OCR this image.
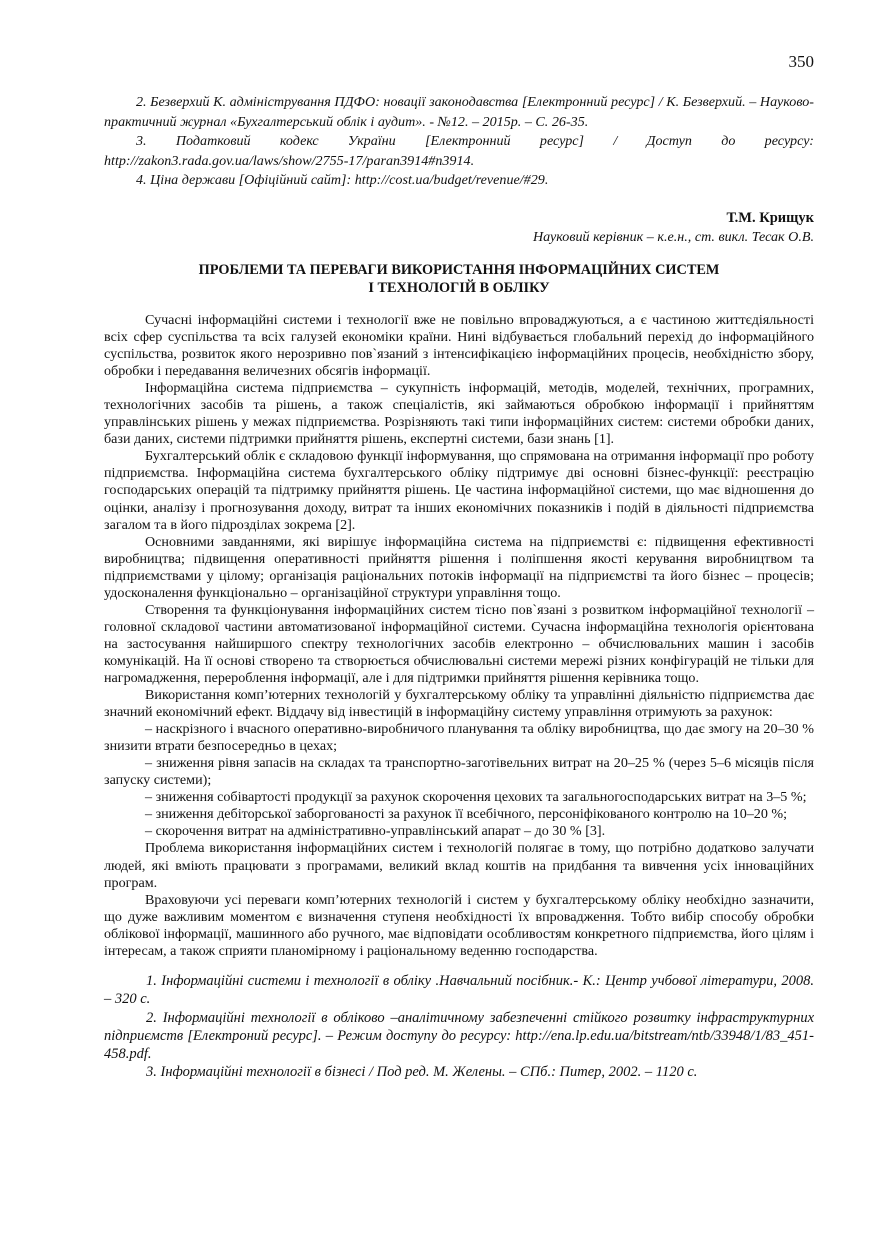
350

2. Безверхий К. адміністрування ПДФО: новації законодавства [Електронний ресурс] / К. Безверхий. – Науково-практичний журнал «Бухгалтерський облік і аудит». - №12. – 2015р. – С. 26-35.

3. Податковий кодекс України [Електронний ресурс] / Доступ до ресурсу: http://zakon3.rada.gov.ua/laws/show/2755-17/paran3914#n3914.

4. Ціна держави [Офіційний сайт]: http://cost.ua/budget/revenue/#29.

Т.М. Крищук
Науковий керівник – к.е.н., ст. викл. Тесак О.В.
ПРОБЛЕМИ ТА ПЕРЕВАГИ ВИКОРИСТАННЯ ІНФОРМАЦІЙНИХ СИСТЕМ
І ТЕХНОЛОГІЙ В ОБЛІКУ

Сучасні інформаційні системи і технології вже не повільно впроваджуються, а є частиною життєдіяльності всіх сфер суспільства та всіх галузей економіки країни. Нині відбувається глобальний перехід до інформаційного суспільства, розвиток якого нерозривно пов`язаний з інтенсифікацією інформаційних процесів, необхідністю збору, обробки і передавання величезних обсягів інформації.

Інформаційна система підприємства – сукупність інформацій, методів, моделей, технічних, програмних, технологічних засобів та рішень, а також спеціалістів, які займаються обробкою інформації і прийняттям управлінських рішень у межах підприємства. Розрізняють такі типи інформаційних систем: системи обробки даних, бази даних, системи підтримки прийняття рішень, експертні системи, бази знань [1].

Бухгалтерський облік є складовою функції інформування, що спрямована на отримання інформації про роботу підприємства. Інформаційна система бухгалтерського обліку підтримує дві основні бізнес-функції: реєстрацію господарських операцій та підтримку прийняття рішень. Це частина інформаційної системи, що має відношення до оцінки, аналізу і прогнозування доходу, витрат та інших економічних показників і подій в діяльності підприємства загалом та в його підрозділах зокрема [2].

Основними завданнями, які вирішує інформаційна система на підприємстві є: підвищення ефективності виробництва; підвищення оперативності прийняття рішення і поліпшення якості керування виробництвом та підприємствами у цілому; організація раціональних потоків інформації на підприємстві та його бізнес – процесів; удосконалення функціонально – організаційної структури управління тощо.

Створення та функціонування інформаційних систем тісно пов`язані з розвитком інформаційної технології – головної складової частини автоматизованої інформаційної системи. Сучасна інформаційна технологія орієнтована на застосування найширшого спектру технологічних засобів електронно – обчислювальних машин і засобів комунікацій. На її основі створено та створюється обчислювальні системи мережі різних конфігурацій не тільки для нагромадження, перероблення інформації, але і для підтримки прийняття рішення керівника тощо.

Використання комп’ютерних технологій у бухгалтерському обліку та управлінні діяльністю підприємства дає значний економічний ефект. Віддачу від інвестицій в інформаційну систему управління отримують за рахунок:

– наскрізного і вчасного оперативно-виробничого планування та обліку виробництва, що дає змогу на 20–30 % знизити втрати безпосередньо в цехах;

– зниження рівня запасів на складах та транспортно-заготівельних витрат на 20–25 % (через 5–6 місяців після запуску системи);

– зниження собівартості продукції за рахунок скорочення цехових та загальногосподарських витрат на 3–5 %;

– зниження дебіторської заборгованості за рахунок її всебічного, персоніфікованого контролю на 10–20 %;

– скорочення витрат на адміністративно-управлінський апарат – до 30 % [3].

Проблема використання інформаційних систем і технологій полягає в тому, що потрібно додатково залучати людей, які вміють працювати з програмами, великий вклад коштів на придбання та вивчення усіх інноваційних програм.

Враховуючи усі переваги комп’ютерних технологій і систем у бухгалтерському обліку необхідно зазначити, що дуже важливим моментом є визначення ступеня необхідності їх впровадження. Тобто вибір способу обробки облікової інформації, машинного або ручного, має відповідати особливостям конкретного підприємства, його цілям і інтересам, а також сприяти планомірному і раціональному веденню господарства.

1. Інформаційні системи і технології в обліку .Навчальний посібник.- К.: Центр учбової літератури, 2008. – 320 с.

2. Інформаційні технології в обліково –аналітичному забезпеченні стійкого розвитку інфраструктурних підприємств [Електроний ресурс]. – Режим доступу до ресурсу: http://ena.lp.edu.ua/bitstream/ntb/33948/1/83_451-458.pdf.

3. Інформаційні технології в бізнесі / Под ред. М. Желены. – СПб.: Питер, 2002. – 1120 с.
